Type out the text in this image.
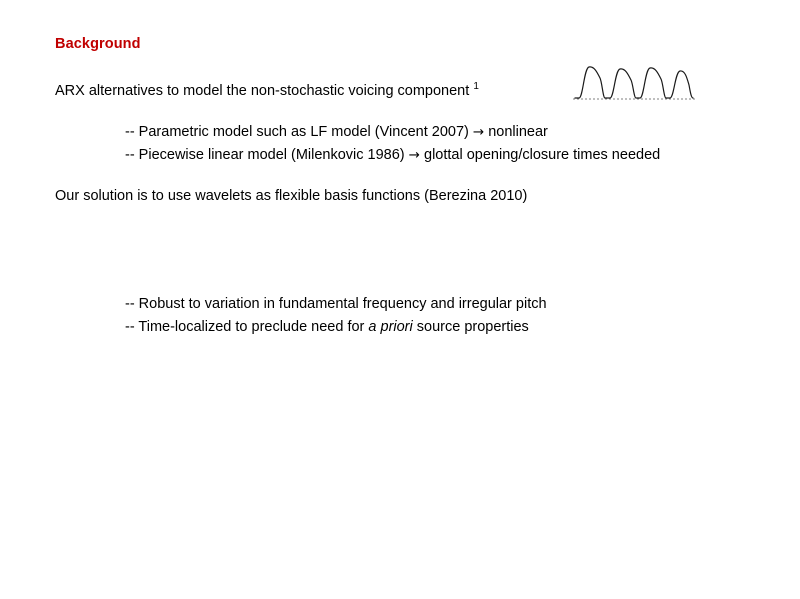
Background
ARX alternatives to model the non-stochastic voicing component $^1$
-- Parametric model such as LF model (Vincent 2007) → nonlinear
-- Piecewise linear model (Milenkovic 1986) → glottal opening/closure times needed
Our solution is to use wavelets as flexible basis functions (Berezina 2010)
-- Robust to variation in fundamental frequency and irregular pitch
-- Time-localized to preclude need for a priori source properties
